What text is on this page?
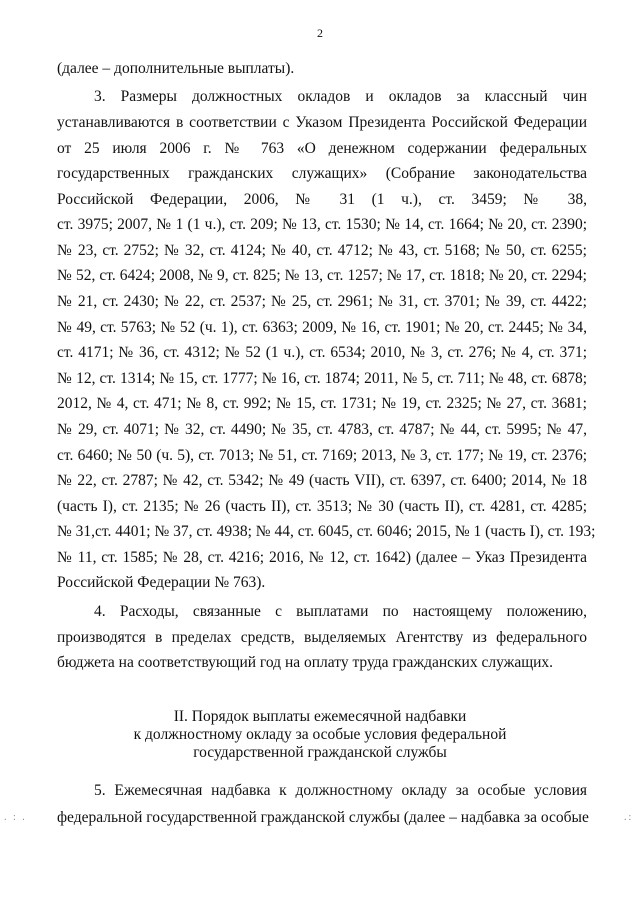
2
(далее – дополнительные выплаты).
3. Размеры должностных окладов и окладов за классный чин
устанавливаются в соответствии с Указом Президента Российской Федерации
от 25 июля 2006 г. № 763 «О денежном содержании федеральных
государственных гражданских служащих» (Собрание законодательства
Российской Федерации, 2006, № 31 (1 ч.), ст. 3459; № 38,
ст. 3975; 2007, № 1 (1 ч.), ст. 209; № 13, ст. 1530; № 14, ст. 1664; № 20, ст. 2390;
№ 23, ст. 2752; № 32, ст. 4124; № 40, ст. 4712; № 43, ст. 5168; № 50, ст. 6255;
№ 52, ст. 6424; 2008, № 9, ст. 825; № 13, ст. 1257; № 17, ст. 1818; № 20, ст. 2294;
№ 21, ст. 2430; № 22, ст. 2537; № 25, ст. 2961; № 31, ст. 3701; № 39, ст. 4422;
№ 49, ст. 5763; № 52 (ч. 1), ст. 6363; 2009, № 16, ст. 1901; № 20, ст. 2445; № 34,
ст. 4171; № 36, ст. 4312; № 52 (1 ч.), ст. 6534; 2010, № 3, ст. 276; № 4, ст. 371;
№ 12, ст. 1314; № 15, ст. 1777; № 16, ст. 1874; 2011, № 5, ст. 711; № 48, ст. 6878;
2012, № 4, ст. 471; № 8, ст. 992; № 15, ст. 1731; № 19, ст. 2325; № 27, ст. 3681;
№ 29, ст. 4071; № 32, ст. 4490; № 35, ст. 4783, ст. 4787; № 44, ст. 5995; № 47,
ст. 6460; № 50 (ч. 5), ст. 7013; № 51, ст. 7169; 2013, № 3, ст. 177; № 19, ст. 2376;
№ 22, ст. 2787; № 42, ст. 5342; № 49 (часть VII), ст. 6397, ст. 6400; 2014, № 18
(часть I), ст. 2135; № 26 (часть II), ст. 3513; № 30 (часть II), ст. 4281, ст. 4285;
№ 31,ст. 4401; № 37, ст. 4938; № 44, ст. 6045, ст. 6046; 2015, № 1 (часть I), ст. 193;
№ 11, ст. 1585; № 28, ст. 4216; 2016, № 12, ст. 1642) (далее – Указ Президента
Российской Федерации № 763).
4. Расходы, связанные с выплатами по настоящему положению,
производятся в пределах средств, выделяемых Агентству из федерального
бюджета на соответствующий год на оплату труда гражданских служащих.
II. Порядок выплаты ежемесячной надбавки
к должностному окладу за особые условия федеральной
государственной гражданской службы
5. Ежемесячная надбавка к должностному окладу за особые условия
федеральной государственной гражданской службы (далее – надбавка за особые
. : .	.:
